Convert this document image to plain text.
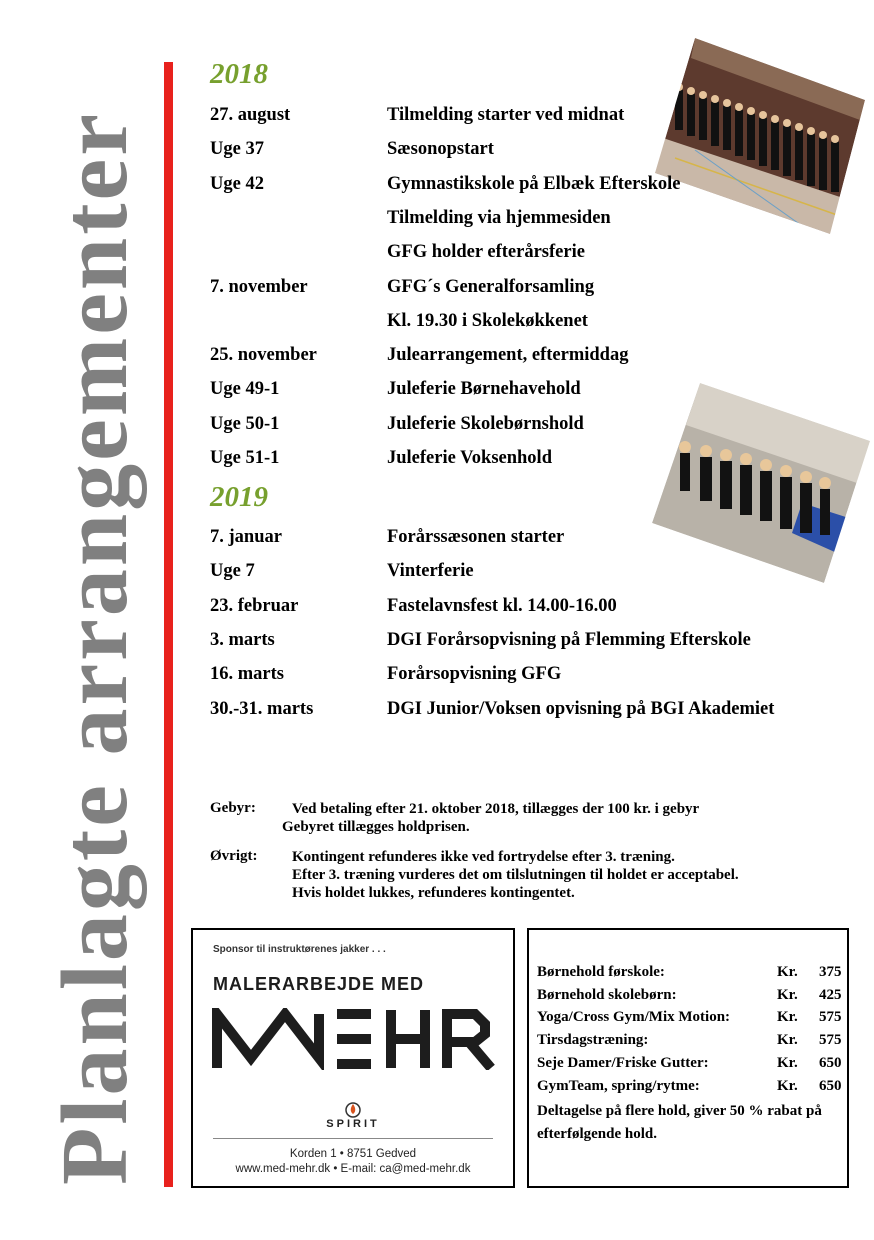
Planlagte arrangementer
2018
27. august	Tilmelding starter ved midnat
Uge 37	Sæsonopstart
Uge 42	Gymnastikskole på Elbæk Efterskole
Tilmelding via hjemmesiden
GFG holder efterårsferie
7. november	GFG´s Generalforsamling
Kl. 19.30 i Skolekøkkenet
25. november	Julearrangement, eftermiddag
Uge 49-1	Juleferie Børnehavehold
Uge 50-1	Juleferie Skolebørnshold
Uge 51-1	Juleferie Voksenhold
2019
7. januar	Forårssæsonen starter
Uge 7	Vinterferie
23. februar	Fastelavnsfest kl. 14.00-16.00
3. marts	DGI Forårsopvisning på Flemming Efterskole
16. marts	Forårsopvisning GFG
30.-31. marts	DGI Junior/Voksen opvisning på BGI Akademiet
Gebyr: Ved betaling efter 21. oktober 2018, tillægges der 100 kr. i gebyr
Gebyret tillægges holdprisen.
Øvrigt: Kontingent refunderes ikke ved fortrydelse efter 3. træning.
Efter 3. træning vurderes det om tilslutningen til holdet er acceptabel.
Hvis holdet lukkes, refunderes kontingentet.
Sponsor til instruktørenes jakker . . .
MALERARBEJDE MED
SPIRIT
Korden 1 • 8751 Gedved
www.med-mehr.dk • E-mail: ca@med-mehr.dk
Børnehold førskole:	Kr. 375
Børnehold skolebørn:	Kr. 425
Yoga/Cross Gym/Mix Motion:	Kr. 575
Tirsdagstræning:	Kr. 575
Seje Damer/Friske Gutter:	Kr. 650
GymTeam, spring/rytme:	Kr. 650
Deltagelse på flere hold, giver 50 % rabat på efterfølgende hold.
